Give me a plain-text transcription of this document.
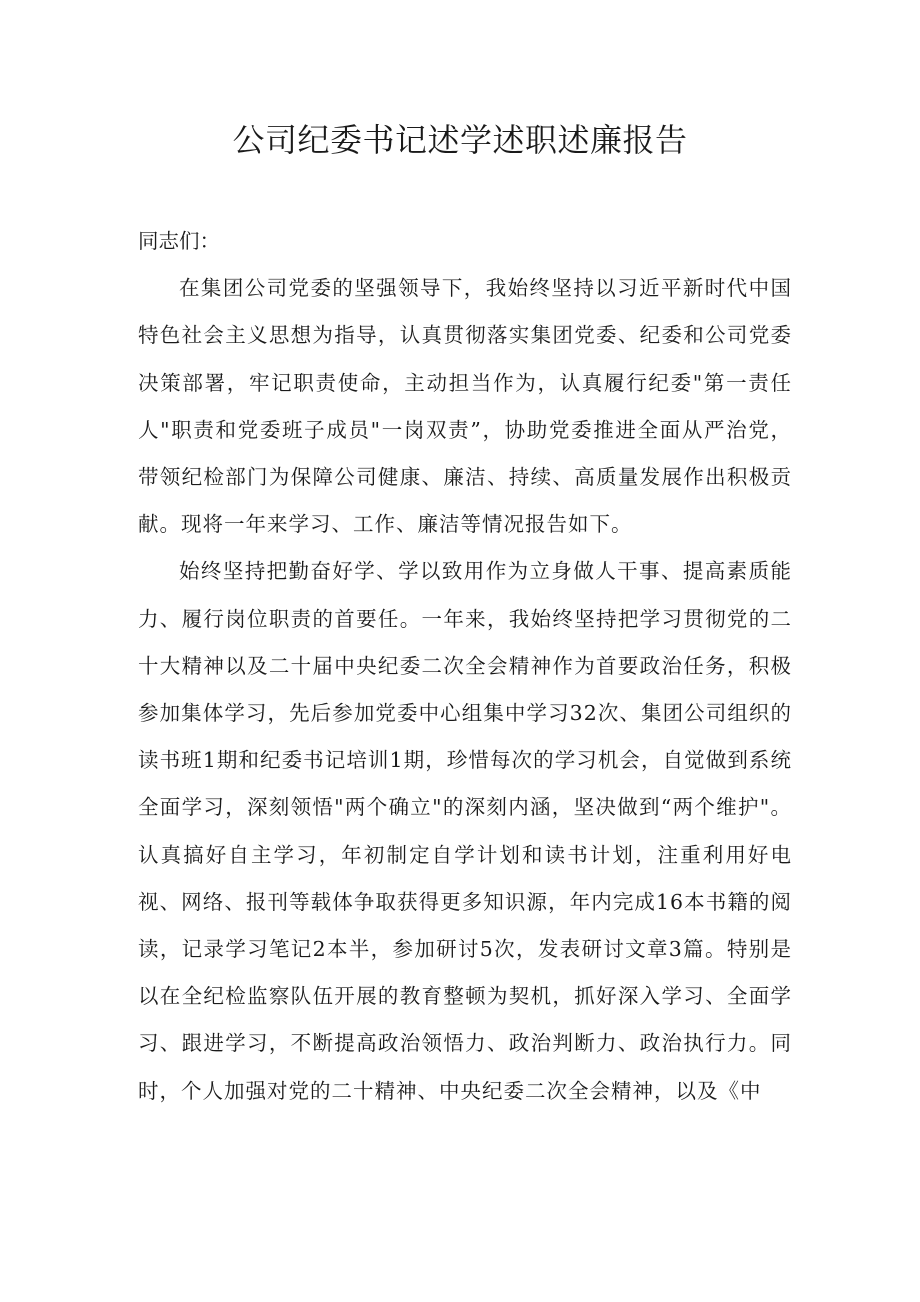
公司纪委书记述学述职述廉报告

同志们：

在集团公司党委的坚强领导下，我始终坚持以习近平新时代中国特色社会主义思想为指导，认真贯彻落实集团党委、纪委和公司党委决策部署，牢记职责使命，主动担当作为，认真履行纪委"第一责任人"职责和党委班子成员"一岗双责”，协助党委推进全面从严治党，带领纪检部门为保障公司健康、廉洁、持续、高质量发展作出积极贡献。现将一年来学习、工作、廉洁等情况报告如下。

始终坚持把勤奋好学、学以致用作为立身做人干事、提高素质能力、履行岗位职责的首要任。一年来，我始终坚持把学习贯彻党的二十大精神以及二十届中央纪委二次全会精神作为首要政治任务，积极参加集体学习，先后参加党委中心组集中学习32次、集团公司组织的读书班1期和纪委书记培训1期，珍惜每次的学习机会，自觉做到系统全面学习，深刻领悟"两个确立"的深刻内涵，坚决做到“两个维护"。认真搞好自主学习，年初制定自学计划和读书计划，注重利用好电视、网络、报刊等载体争取获得更多知识源，年内完成16本书籍的阅读，记录学习笔记2本半，参加研讨5次，发表研讨文章3篇。特别是以在全纪检监察队伍开展的教育整顿为契机，抓好深入学习、全面学习、跟进学习，不断提高政治领悟力、政治判断力、政治执行力。同时，个人加强对党的二十精神、中央纪委二次全会精神，以及《中
